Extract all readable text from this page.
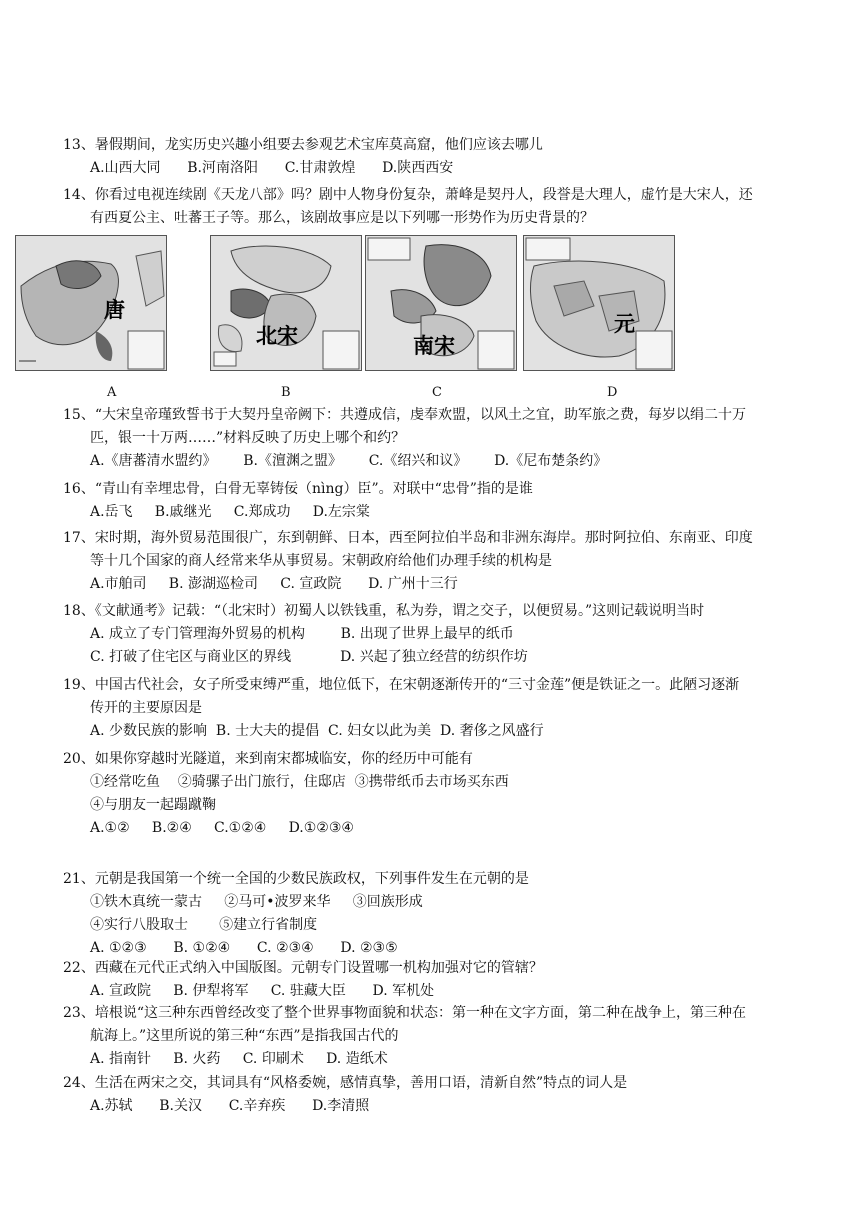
13、暑假期间，龙实历史兴趣小组要去参观艺术宝库莫高窟，他们应该去哪儿
A.山西大同      B.河南洛阳      C.甘肃敦煌      D.陕西西安
14、你看过电视连续剧《天龙八部》吗？剧中人物身份复杂，萧峰是契丹人，段誉是大理人，虚竹是大宋人，还
有西夏公主、吐蕃王子等。那么，该剧故事应是以下列哪一形势作为历史背景的？
唐
北宋	南宋
元
A	B	C	D
15、“大宋皇帝瑾致誓书于大契丹皇帝阙下：共遵成信，虔奉欢盟，以风土之宜，助军旅之费，每岁以绢二十万
匹，银一十万两……”材料反映了历史上哪个和约？
A.《唐蕃清水盟约》      B.《澶渊之盟》      C.《绍兴和议》      D.《尼布楚条约》
16、“青山有幸埋忠骨，白骨无辜铸佞（nìng）臣”。对联中“忠骨”指的是谁
A.岳飞     B.戚继光     C.郑成功     D.左宗棠
17、宋时期，海外贸易范围很广，东到朝鲜、日本，西至阿拉伯半岛和非洲东海岸。那时阿拉伯、东南亚、印度
等十几个国家的商人经常来华从事贸易。宋朝政府给他们办理手续的机构是
A.市舶司     B. 澎湖巡检司     C. 宣政院      D. 广州十三行
18、《文献通考》记载：“（北宋时）初蜀人以铁钱重，私为券，谓之交子，以便贸易。”这则记载说明当时
A. 成立了专门管理海外贸易的机构        B. 出现了世界上最早的纸币
C. 打破了住宅区与商业区的界线           D. 兴起了独立经营的纺织作坊
19、中国古代社会，女子所受束缚严重，地位低下，在宋朝逐渐传开的“三寸金莲”便是铁证之一。此陋习逐渐
传开的主要原因是
A. 少数民族的影响  B. 士大夫的提倡  C. 妇女以此为美  D. 奢侈之风盛行
20、如果你穿越时光隧道，来到南宋都城临安，你的经历中可能有
①经常吃鱼    ②骑骡子出门旅行，住邸店  ③携带纸币去市场买东西
④与朋友一起蹋蹴鞠
A.①②     B.②④     C.①②④     D.①②③④
21、元朝是我国第一个统一全国的少数民族政权，下列事件发生在元朝的是
①铁木真统一蒙古     ②马可•波罗来华     ③回族形成
④实行八股取士       ⑤建立行省制度
A. ①②③      B. ①②④      C. ②③④      D. ②③⑤
22、西藏在元代正式纳入中国版图。元朝专门设置哪一机构加强对它的管辖？
A. 宣政院     B. 伊犁将军     C. 驻藏大臣      D. 军机处
23、培根说“这三种东西曾经改变了整个世界事物面貌和状态：第一种在文字方面，第二种在战争上，第三种在
航海上。”这里所说的第三种“东西”是指我国古代的
A. 指南针     B. 火药     C. 印刷术     D. 造纸术
24、生活在两宋之交，其词具有“风格委婉，感情真挚，善用口语，清新自然”特点的词人是
A.苏轼      B.关汉      C.辛弃疾      D.李清照
